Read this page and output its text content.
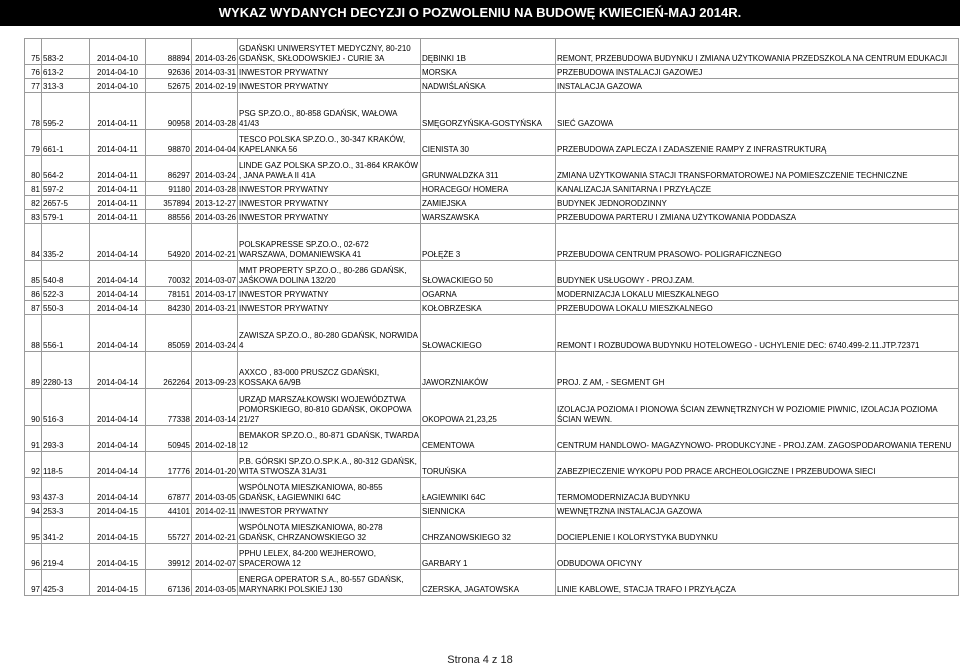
WYKAZ WYDANYCH DECYZJI O POZWOLENIU NA BUDOWĘ KWIECIEŃ-MAJ 2014R.
75	583-2	2014-04-10	88894	2014-03-26	GDAŃSKI UNIWERSYTET MEDYCZNY, 80-210 GDAŃSK, SKŁODOWSKIEJ - CURIE 3A	DĘBINKI 1B	REMONT, PRZEBUDOWA BUDYNKU I ZMIANA UŻYTKOWANIA PRZEDSZKOLA NA CENTRUM EDUKACJI
76	613-2	2014-04-10	92636	2014-03-31	INWESTOR PRYWATNY	MORSKA	PRZEBUDOWA INSTALACJI GAZOWEJ
77	313-3	2014-04-10	52675	2014-02-19	INWESTOR PRYWATNY	NADWIŚLAŃSKA	INSTALACJA GAZOWA
78	595-2	2014-04-11	90958	2014-03-28	PSG SP.ZO.O., 80-858 GDAŃSK, WAŁOWA 41/43	SMĘGORZYŃSKA-GOSTYŃSKA	SIEĆ GAZOWA
79	661-1	2014-04-11	98870	2014-04-04	TESCO POLSKA SP.ZO.O., 30-347 KRAKÓW, KAPELANKA 56	CIENISTA 30	PRZEBUDOWA ZAPLECZA I ZADASZENIE RAMPY Z INFRASTRUKTURĄ
80	564-2	2014-04-11	86297	2014-03-24	LINDE GAZ POLSKA SP.ZO.O., 31-864 KRAKÓW , JANA PAWŁA II 41A	GRUNWALDZKA 311	ZMIANA UŻYTKOWANIA STACJI TRANSFORMATOROWEJ NA POMIESZCZENIE TECHNICZNE
81	597-2	2014-04-11	91180	2014-03-28	INWESTOR PRYWATNY	HORACEGO/ HOMERA	KANALIZACJA SANITARNA I PRZYŁĄCZE
82	2657-5	2014-04-11	357894	2013-12-27	INWESTOR PRYWATNY	ZAMIEJSKA	BUDYNEK JEDNORODZINNY
83	579-1	2014-04-11	88556	2014-03-26	INWESTOR PRYWATNY	WARSZAWSKA	PRZEBUDOWA PARTERU I ZMIANA UŻYTKOWANIA PODDASZA
84	335-2	2014-04-14	54920	2014-02-21	POLSKAPRESSE SP.ZO.O., 02-672 WARSZAWA, DOMANIEWSKA 41	POŁĘŻE 3	PRZEBUDOWA CENTRUM PRASOWO- POLIGRAFICZNEGO
85	540-8	2014-04-14	70032	2014-03-07	MMT PROPERTY SP.ZO.O., 80-286 GDAŃSK, JAŚKOWA DOLINA 132/20	SŁOWACKIEGO 50	BUDYNEK USŁUGOWY - PROJ.ZAM.
86	522-3	2014-04-14	78151	2014-03-17	INWESTOR PRYWATNY	OGARNA	MODERNIZACJA LOKALU MIESZKALNEGO
87	550-3	2014-04-14	84230	2014-03-21	INWESTOR PRYWATNY	KOŁOBRZESKA	PRZEBUDOWA LOKALU MIESZKALNEGO
88	556-1	2014-04-14	85059	2014-03-24	ZAWISZA SP.ZO.O., 80-280 GDAŃSK, NORWIDA 4	SŁOWACKIEGO	REMONT I ROZBUDOWA BUDYNKU HOTELOWEGO - UCHYLENIE DEC: 6740.499-2.11.JTP.72371
89	2280-13	2014-04-14	262264	2013-09-23	AXXCO , 83-000 PRUSZCZ GDAŃSKI, KOSSAKA 6A/9B	JAWORZNIAKÓW	PROJ. Z AM, - SEGMENT GH
90	516-3	2014-04-14	77338	2014-03-14	URZĄD MARSZAŁKOWSKI WOJEWÓDZTWA POMORSKIEGO, 80-810 GDAŃSK, OKOPOWA 21/27	OKOPOWA 21,23,25	IZOLACJA POZIOMA I PIONOWA ŚCIAN ZEWNĘTRZNYCH W POZIOMIE PIWNIC, IZOLACJA POZIOMA ŚCIAN WEWN.
91	293-3	2014-04-14	50945	2014-02-18	BEMAKOR SP.ZO.O., 80-871 GDAŃSK, TWARDA 12	CEMENTOWA	CENTRUM HANDLOWO- MAGAZYNOWO- PRODUKCYJNE - PROJ.ZAM. ZAGOSPODAROWANIA TERENU
92	118-5	2014-04-14	17776	2014-01-20	P.B. GÓRSKI SP.ZO.O.SP.K.A., 80-312 GDAŃSK, WITA STWOSZA 31A/31	TORUŃSKA	ZABEZPIECZENIE WYKOPU POD PRACE ARCHEOLOGICZNE I PRZEBUDOWA SIECI
93	437-3	2014-04-14	67877	2014-03-05	WSPÓLNOTA MIESZKANIOWA, 80-855 GDAŃSK, ŁAGIEWNIKI 64C	ŁAGIEWNIKI 64C	TERMOMODERNIZACJA BUDYNKU
94	253-3	2014-04-15	44101	2014-02-11	INWESTOR PRYWATNY	SIENNICKA	WEWNĘTRZNA INSTALACJA GAZOWA
95	341-2	2014-04-15	55727	2014-02-21	WSPÓLNOTA MIESZKANIOWA, 80-278 GDAŃSK, CHRZANOWSKIEGO 32	CHRZANOWSKIEGO 32	DOCIEPLENIE I KOLORYSTYKA BUDYNKU
96	219-4	2014-04-15	39912	2014-02-07	PPHU LELEX, 84-200 WEJHEROWO, SPACEROWA 12	GARBARY 1	ODBUDOWA OFICYNY
97	425-3	2014-04-15	67136	2014-03-05	ENERGA OPERATOR S.A., 80-557 GDAŃSK, MARYNARKI POLSKIEJ 130	CZERSKA, JAGATOWSKA	LINIE KABLOWE, STACJA TRAFO I PRZYŁĄCZA
Strona 4 z 18
